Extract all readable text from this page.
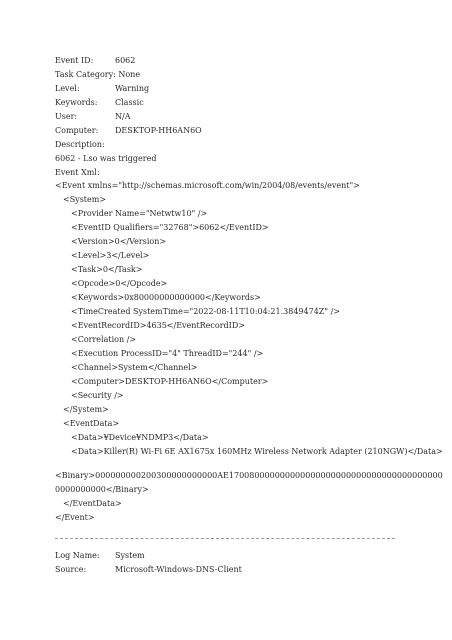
Event ID:	6062
Task Category: None
Level:	Warning
Keywords: Classic
User:	N/A
Computer: DESKTOP-HH6AN6O
Description:
6062 - Lso was triggered
Event Xml:
<Event xmlns="http://schemas.microsoft.com/win/2004/08/events/event">
<System>
<Provider Name="Netwtw10" />
<EventID Qualifiers="32768">6062</EventID>
<Version>0</Version>
<Level>3</Level>
<Task>0</Task>
<Opcode>0</Opcode>
<Keywords>0x80000000000000</Keywords>
<TimeCreated SystemTime="2022-08-11T10:04:21.3849474Z" />
<EventRecordID>4635</EventRecordID>
<Correlation />
<Execution ProcessID="4" ThreadID="244" />
<Channel>System</Channel>
<Computer>DESKTOP-HH6AN6O</Computer>
<Security />
</System>
<EventData>
<Data>¥Device¥NDMP3</Data>
<Data>Killer(R) Wi-Fi 6E AX1675x 160MHz Wireless Network Adapter (210NGW)</Data>
<Binary>000000000200300000000000AE170080000000000000000000000000000000000000
0000000000</Binary>
</EventData>
</Event>
Log Name: System
Source:	Microsoft-Windows-DNS-Client
